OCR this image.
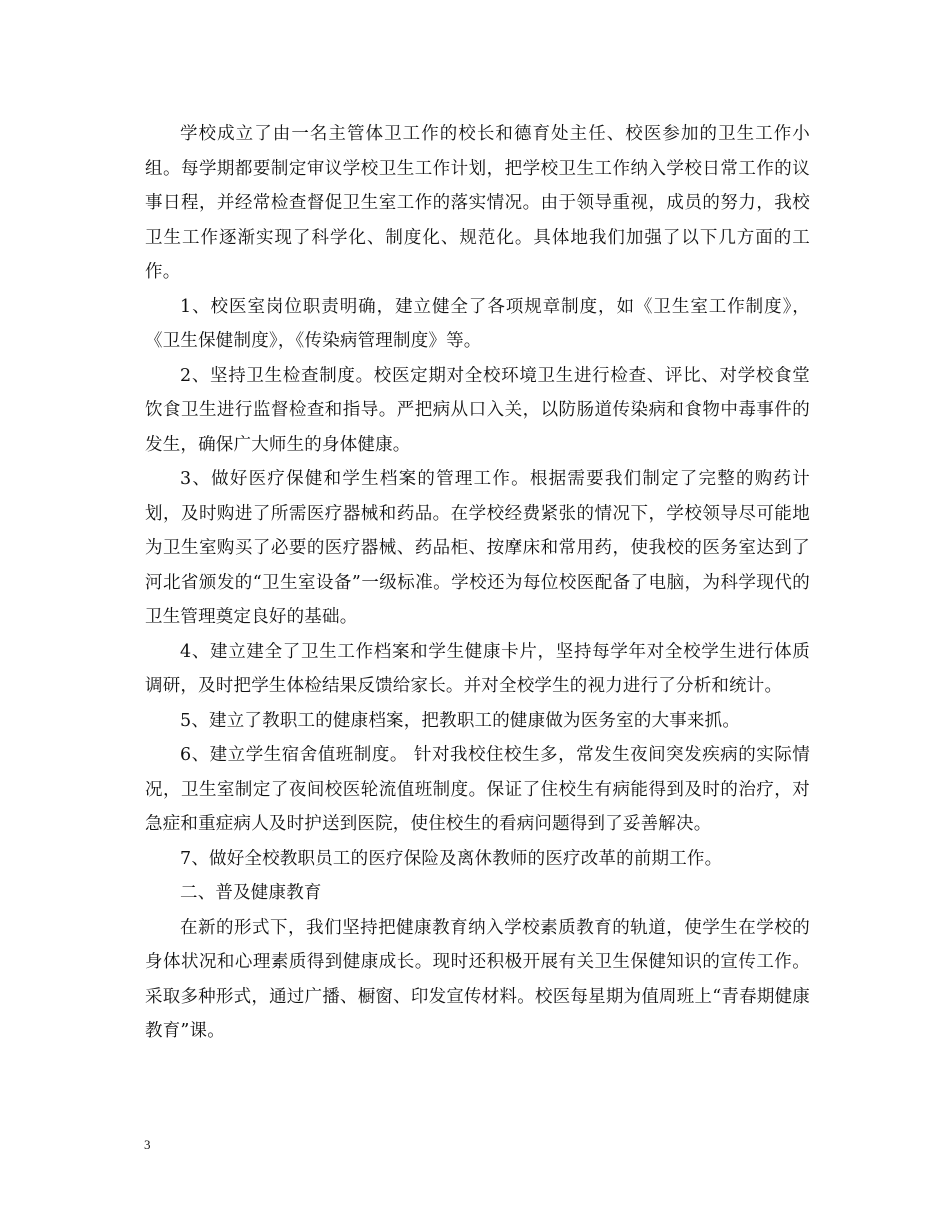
学校成立了由一名主管体卫工作的校长和德育处主任、校医参加的卫生工作小组。每学期都要制定审议学校卫生工作计划，把学校卫生工作纳入学校日常工作的议事日程，并经常检查督促卫生室工作的落实情况。由于领导重视，成员的努力，我校卫生工作逐渐实现了科学化、制度化、规范化。具体地我们加强了以下几方面的工作。

1、校医室岗位职责明确，建立健全了各项规章制度，如《卫生室工作制度》，《卫生保健制度》，《传染病管理制度》等。

2、坚持卫生检查制度。校医定期对全校环境卫生进行检查、评比、对学校食堂饮食卫生进行监督检查和指导。严把病从口入关，以防肠道传染病和食物中毒事件的发生，确保广大师生的身体健康。

3、做好医疗保健和学生档案的管理工作。根据需要我们制定了完整的购药计划，及时购进了所需医疗器械和药品。在学校经费紧张的情况下，学校领导尽可能地为卫生室购买了必要的医疗器械、药品柜、按摩床和常用药，使我校的医务室达到了河北省颁发的“卫生室设备”一级标准。学校还为每位校医配备了电脑，为科学现代的卫生管理奠定良好的基础。

4、建立建全了卫生工作档案和学生健康卡片，坚持每学年对全校学生进行体质调研，及时把学生体检结果反馈给家长。并对全校学生的视力进行了分析和统计。

5、建立了教职工的健康档案，把教职工的健康做为医务室的大事来抓。

6、建立学生宿舍值班制度。 针对我校住校生多，常发生夜间突发疾病的实际情况，卫生室制定了夜间校医轮流值班制度。保证了住校生有病能得到及时的治疗，对急症和重症病人及时护送到医院，使住校生的看病问题得到了妥善解决。

7、做好全校教职员工的医疗保险及离休教师的医疗改革的前期工作。

二、普及健康教育

在新的形式下，我们坚持把健康教育纳入学校素质教育的轨道，使学生在学校的身体状况和心理素质得到健康成长。现时还积极开展有关卫生保健知识的宣传工作。采取多种形式，通过广播、橱窗、印发宣传材料。校医每星期为值周班上“青春期健康教育”课。

3
